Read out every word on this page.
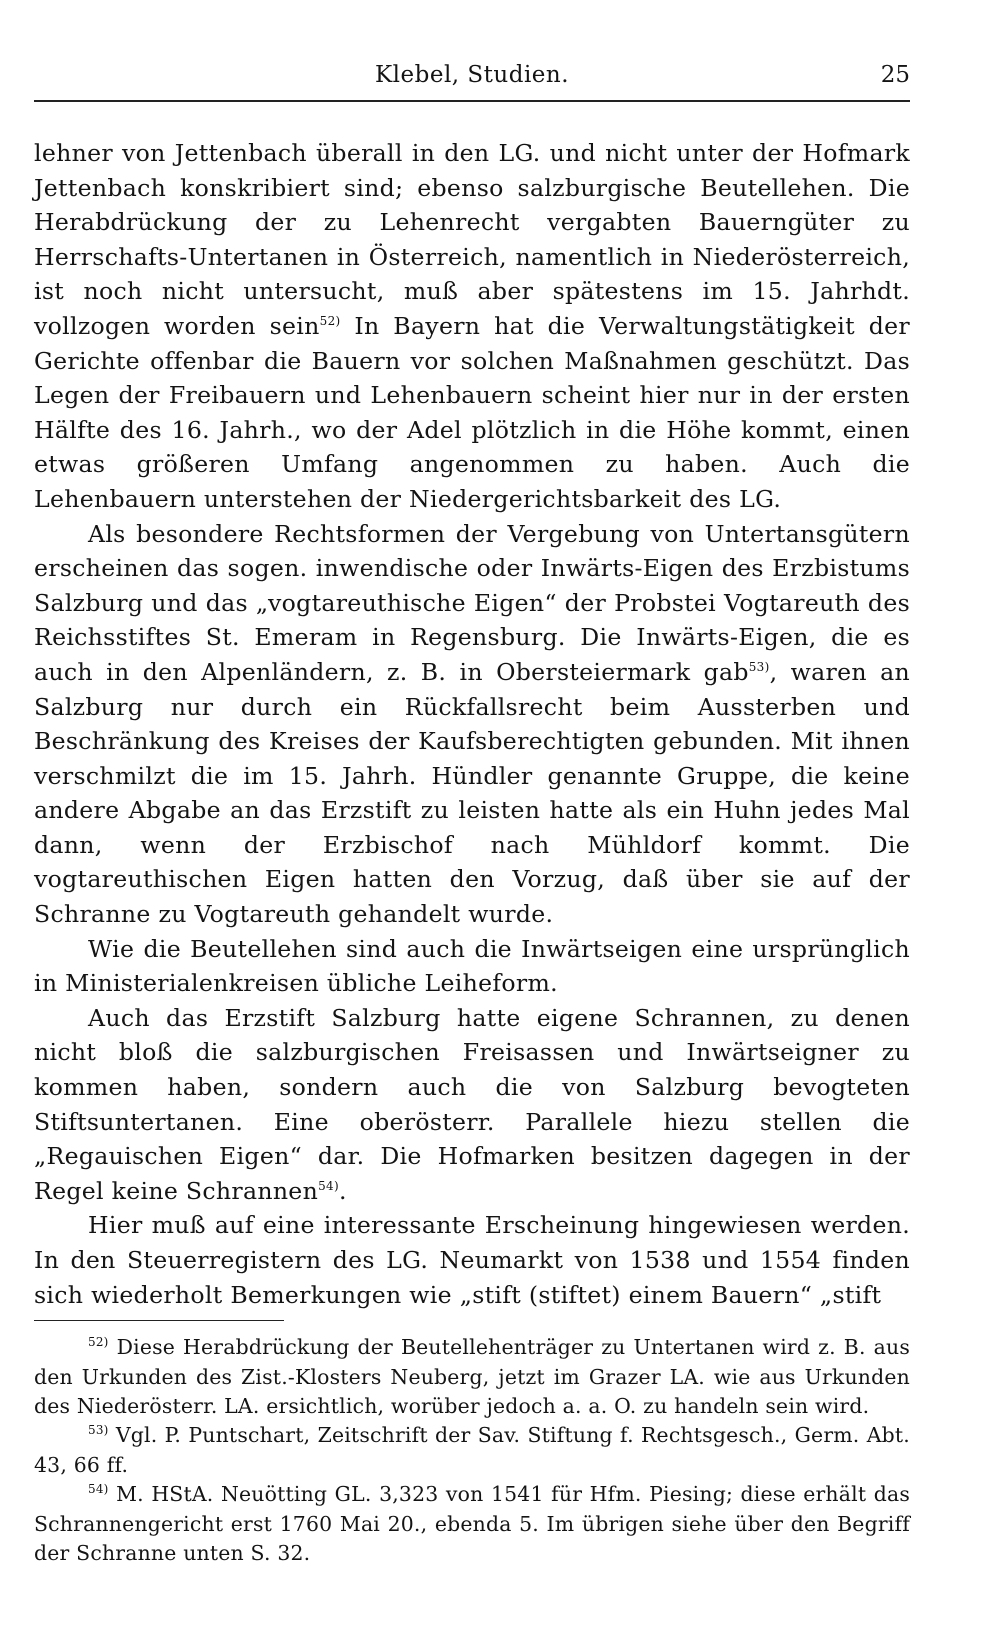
Klebel, Studien.	25

lehner von Jettenbach überall in den LG. und nicht unter der Hofmark Jettenbach konskribiert sind; ebenso salzburgische Beutellehen. Die Herabdrückung der zu Lehenrecht vergabten Bauerngüter zu Herrschafts-Untertanen in Österreich, namentlich in Niederösterreich, ist noch nicht untersucht, muß aber spätestens im 15. Jahrhdt. vollzogen worden sein$^{52)}$ In Bayern hat die Verwaltungstätigkeit der Gerichte offenbar die Bauern vor solchen Maßnahmen geschützt. Das Legen der Freibauern und Lehenbauern scheint hier nur in der ersten Hälfte des 16. Jahrh., wo der Adel plötzlich in die Höhe kommt, einen etwas größeren Umfang angenommen zu haben. Auch die Lehenbauern unterstehen der Niedergerichtsbarkeit des LG.

Als besondere Rechtsformen der Vergebung von Untertansgütern erscheinen das sogen. inwendische oder Inwärts-Eigen des Erzbistums Salzburg und das „vogtareuthische Eigen“ der Probstei Vogtareuth des Reichsstiftes St. Emeram in Regensburg. Die Inwärts-Eigen, die es auch in den Alpenländern, z. B. in Obersteiermark gab$^{53)}$, waren an Salzburg nur durch ein Rückfallsrecht beim Aussterben und Beschränkung des Kreises der Kaufsberechtigten gebunden. Mit ihnen verschmilzt die im 15. Jahrh. Hündler genannte Gruppe, die keine andere Abgabe an das Erzstift zu leisten hatte als ein Huhn jedes Mal dann, wenn der Erzbischof nach Mühldorf kommt. Die vogtareuthischen Eigen hatten den Vorzug, daß über sie auf der Schranne zu Vogtareuth gehandelt wurde.

Wie die Beutellehen sind auch die Inwärtseigen eine ursprünglich in Ministerialenkreisen übliche Leiheform.

Auch das Erzstift Salzburg hatte eigene Schrannen, zu denen nicht bloß die salzburgischen Freisassen und Inwärtseigner zu kommen haben, sondern auch die von Salzburg bevogteten Stiftsuntertanen. Eine oberösterr. Parallele hiezu stellen die „Regauischen Eigen“ dar. Die Hofmarken besitzen dagegen in der Regel keine Schrannen$^{54)}$.

Hier muß auf eine interessante Erscheinung hingewiesen werden. In den Steuerregistern des LG. Neumarkt von 1538 und 1554 finden sich wiederholt Bemerkungen wie „stift (stiftet) einem Bauern“ „stift

$^{52)}$ Diese Herabdrückung der Beutellehenträger zu Untertanen wird z. B. aus den Urkunden des Zist.-Klosters Neuberg, jetzt im Grazer LA. wie aus Urkunden des Niederösterr. LA. ersichtlich, worüber jedoch a. a. O. zu handeln sein wird.

$^{53)}$ Vgl. P. Puntschart, Zeitschrift der Sav. Stiftung f. Rechtsgesch., Germ. Abt. 43, 66 ff.

$^{54)}$ M. HStA. Neuötting GL. 3,323 von 1541 für Hfm. Piesing; diese erhält das Schrannengericht erst 1760 Mai 20., ebenda 5. Im übrigen siehe über den Begriff der Schranne unten S. 32.
